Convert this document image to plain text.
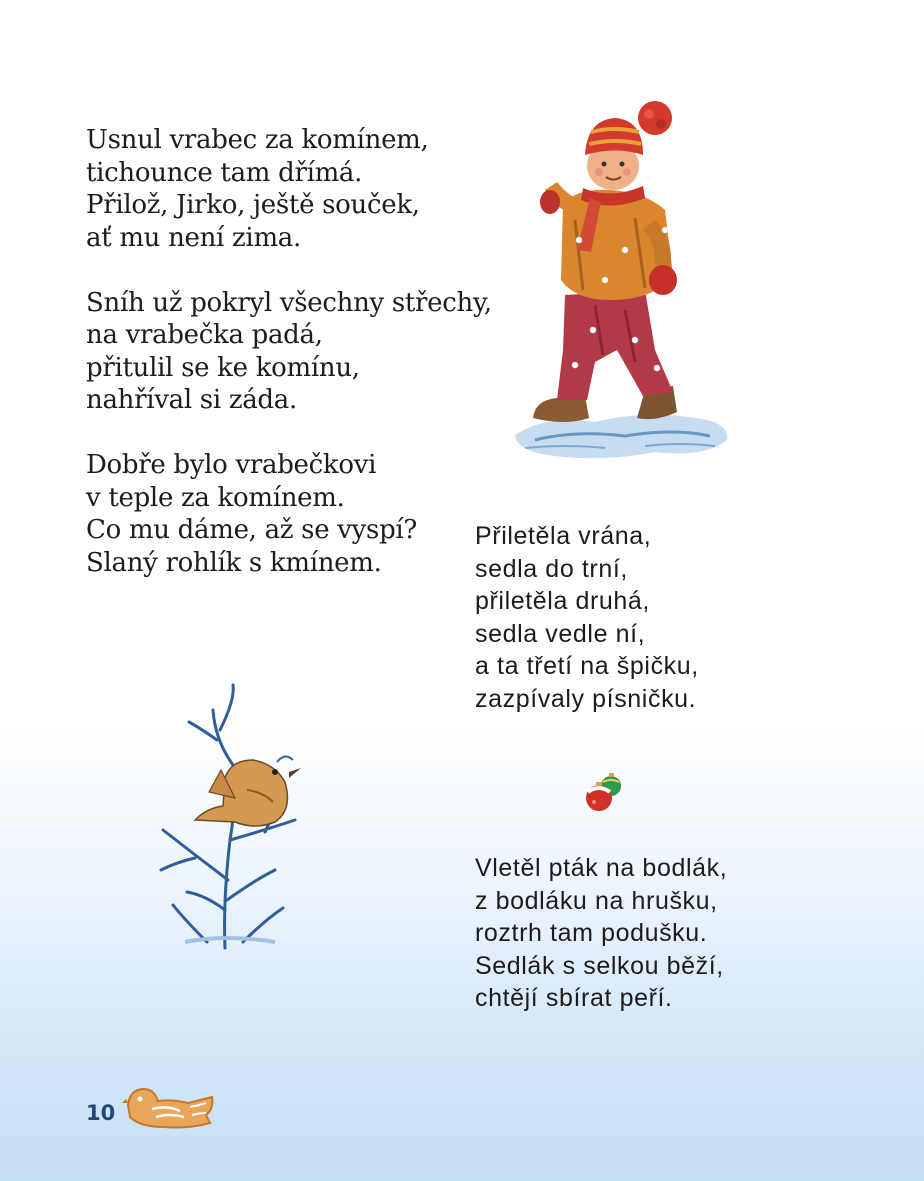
Usnul vrabec za komínem,
tichounce tam dřímá.
Přilož, Jirko, ještě souček,
ať mu není zima.

Sníh už pokryl všechny střechy,
na vrabečka padá,
přitulil se ke komínu,
nahříval si záda.

Dobře bylo vrabečkovi
v teple za komínem.
Co mu dáme, až se vyspí?
Slaný rohlík s kmínem.
Přiletěla vrána,
sedla do trní,
přiletěla druhá,
sedla vedle ní,
a ta třetí na špičku,
zazpívaly písničku.
Vletěl pták na bodlák,
z bodláku na hrušku,
roztrh tam podušku.
Sedlák s selkou běží,
chtějí sbírat peří.
10
